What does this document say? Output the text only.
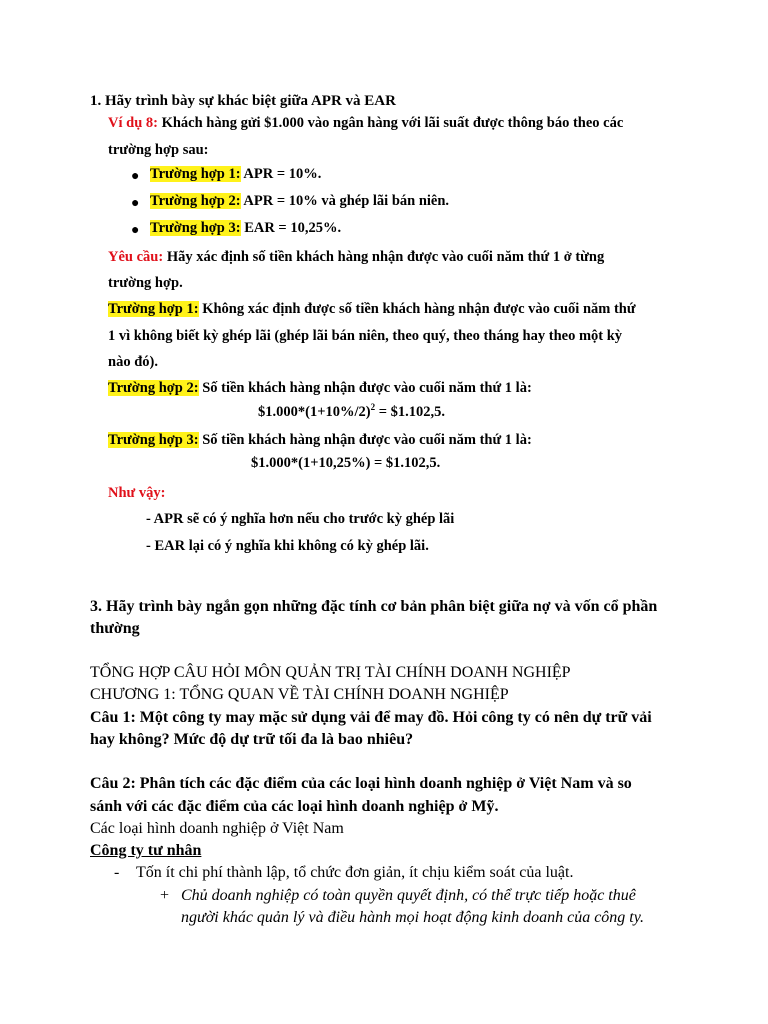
1. Hãy trình bày sự khác biệt giữa APR và EAR
Ví dụ 8: Khách hàng gửi $1.000 vào ngân hàng với lãi suất được thông báo theo các
trường hợp sau:
● Trường hợp 1: APR = 10%.
● Trường hợp 2: APR = 10% và ghép lãi bán niên.
● Trường hợp 3: EAR = 10,25%.
Yêu cầu: Hãy xác định số tiền khách hàng nhận được vào cuối năm thứ 1 ở từng
trường hợp.
Trường hợp 1: Không xác định được số tiền khách hàng nhận được vào cuối năm thứ
1 vì không biết kỳ ghép lãi (ghép lãi bán niên, theo quý, theo tháng hay theo một kỳ
nào đó).
Trường hợp 2: Số tiền khách hàng nhận được vào cuối năm thứ 1 là:
$\$1.000*(1+10\%/2)^2$ = $1.102,5.
Trường hợp 3: Số tiền khách hàng nhận được vào cuối năm thứ 1 là:
$1.000*(1+10,25%) = $1.102,5.
Như vậy:
- APR sẽ có ý nghĩa hơn nếu cho trước kỳ ghép lãi
- EAR lại có ý nghĩa khi không có kỳ ghép lãi.
3. Hãy trình bày ngắn gọn những đặc tính cơ bản phân biệt giữa nợ và vốn cổ phần
thường
TỔNG HỢP CÂU HỎI MÔN QUẢN TRỊ TÀI CHÍNH DOANH NGHIỆP
CHƯƠNG 1: TỔNG QUAN VỀ TÀI CHÍNH DOANH NGHIỆP
Câu 1: Một công ty may mặc sử dụng vải để may đồ. Hỏi công ty có nên dự trữ vải
hay không? Mức độ dự trữ tối đa là bao nhiêu?
Câu 2: Phân tích các đặc điểm của các loại hình doanh nghiệp ở Việt Nam và so
sánh với các đặc điểm của các loại hình doanh nghiệp ở Mỹ.
Các loại hình doanh nghiệp ở Việt Nam
Công ty tư nhân
- Tốn ít chi phí thành lập, tổ chức đơn giản, ít chịu kiểm soát của luật.
+ Chủ doanh nghiệp có toàn quyền quyết định, có thể trực tiếp hoặc thuê
người khác quản lý và điều hành mọi hoạt động kinh doanh của công ty.
